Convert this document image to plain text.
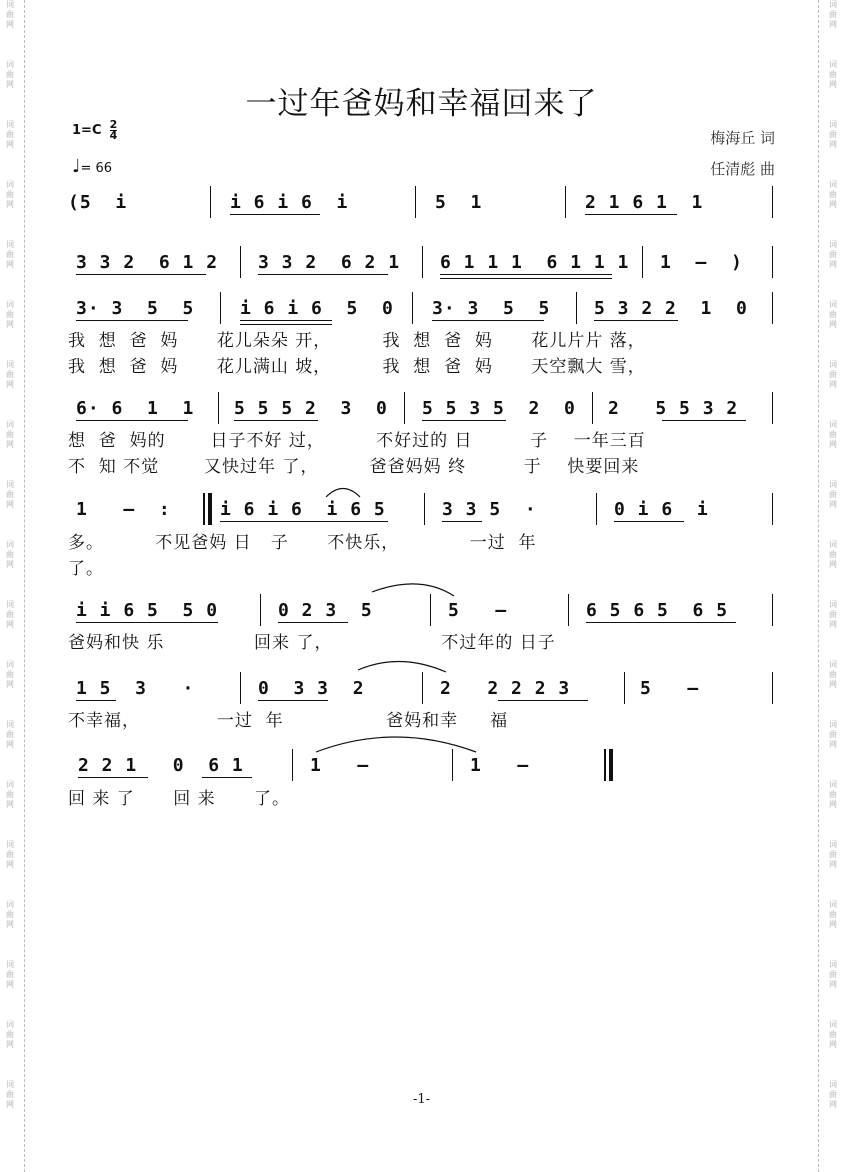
词
曲
网
词
曲
网
词
曲
网
词
曲
网
词
曲
网
词
曲
网
词
曲
网
词
曲
网
词
曲
网
词
曲
网
词
曲
网
词
曲
网
词
曲
网
词
曲
网
词
曲
网
词
曲
网
词
曲
网
词
曲
网
词
曲
网
词
曲
网
词
曲
网
词
曲
网
词
曲
网
词
曲
网
词
曲
网
词
曲
网
词
曲
网
词
曲
网
词
曲
网
词
曲
网
词
曲
网
词
曲
网
词
曲
网
词
曲
网
词
曲
网
词
曲
网
词
曲
网
词
曲
网
一过年爸妈和幸福回来了
$1=C \frac{2}{4}$
♩= 66
梅海丘 词
任清彪 曲
(5  i	i 6 i 6  i	5  1	2 1 6 1  1
3 3 2  6 1 2 3 3 2  6 2 1 6 1 1 1  6 1 1 1 1  –  )
3· 3  5  5	i 6 i 6  5  0 3· 3  5  5 5 3 2 2  1  0
我  想  爸  妈      花儿朵朵 开，        我  想  爸  妈      花儿片片 落，
我  想  爸  妈      花儿满山 坡，        我  想  爸  妈      天空飘大 雪，
6· 6  1  1 5 5 5 2  3  0 5 5 3 5  2  0 2   5 5 3 2
想  爸  妈的       日子不好 过，        不好过的 日         子    一年三百
不  知 不觉       又快过年 了，        爸爸妈妈 终         于    快要回来
1   –  :	i 6 i 6  i 6 5	3 3 5  ·	0 i 6  i
多。        不见爸妈 日   子      不快乐，           一过  年
了。
i i 6 5  5 0	0 2 3  5	5   –	6 5 6 5  6 5
爸妈和快 乐              回来 了，                 不过年的 日子
1 5  3   ·	0  3 3  2	2   2 2 2 3	5   –
不幸福，            一过  年                爸妈和幸     福
2 2 1   0  6 1	1   –	1   –
回 来 了      回 来      了。
-1-
